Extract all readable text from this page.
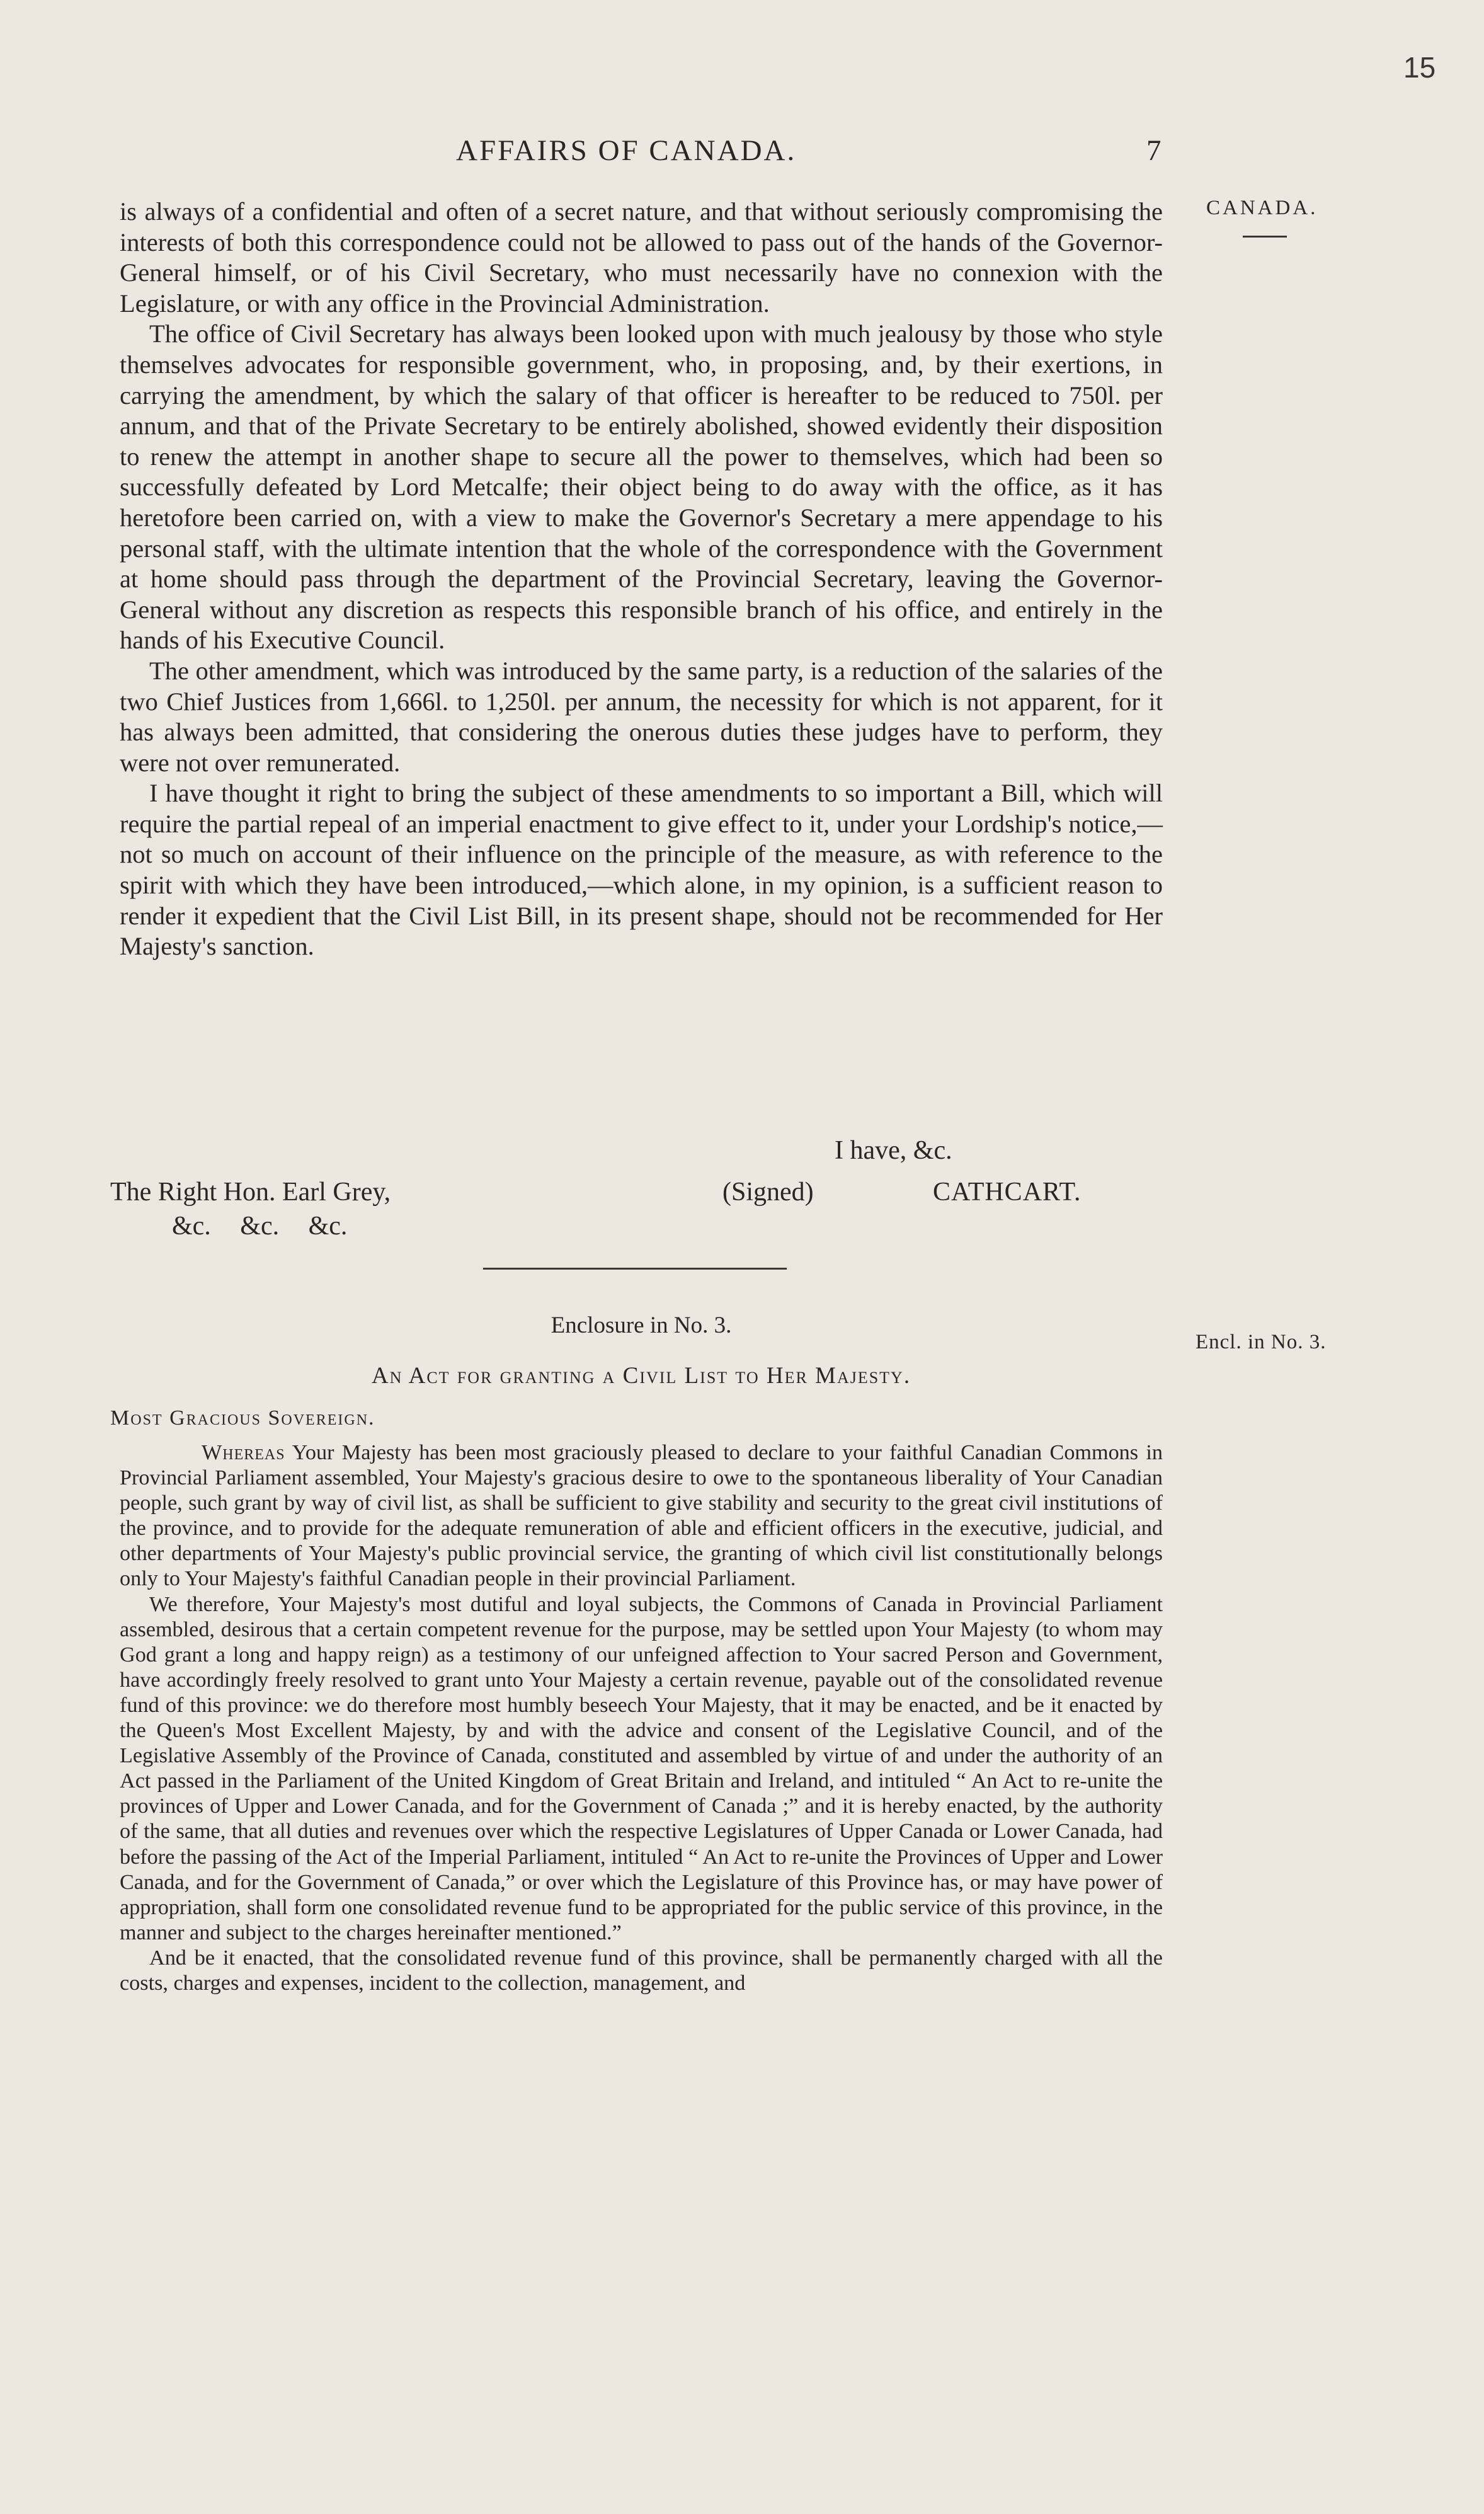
15
AFFAIRS OF CANADA.	7
CANADA.

is always of a confidential and often of a secret nature, and that without seriously compromising the interests of both this correspondence could not be allowed to pass out of the hands of the Governor-General himself, or of his Civil Secretary, who must necessarily have no connexion with the Legislature, or with any office in the Provincial Administration.

The office of Civil Secretary has always been looked upon with much jealousy by those who style themselves advocates for responsible government, who, in proposing, and, by their exertions, in carrying the amendment, by which the salary of that officer is hereafter to be reduced to 750l. per annum, and that of the Private Secretary to be entirely abolished, showed evidently their disposition to renew the attempt in another shape to secure all the power to themselves, which had been so successfully defeated by Lord Metcalfe; their object being to do away with the office, as it has heretofore been carried on, with a view to make the Governor's Secretary a mere appendage to his personal staff, with the ultimate intention that the whole of the correspondence with the Government at home should pass through the department of the Provincial Secretary, leaving the Governor-General without any discretion as respects this responsible branch of his office, and entirely in the hands of his Executive Council.

The other amendment, which was introduced by the same party, is a reduction of the salaries of the two Chief Justices from 1,666l. to 1,250l. per annum, the necessity for which is not apparent, for it has always been admitted, that considering the onerous duties these judges have to perform, they were not over remunerated.

I have thought it right to bring the subject of these amendments to so important a Bill, which will require the partial repeal of an imperial enactment to give effect to it, under your Lordship's notice,—not so much on account of their influence on the principle of the measure, as with reference to the spirit with which they have been introduced,—which alone, in my opinion, is a sufficient reason to render it expedient that the Civil List Bill, in its present shape, should not be recommended for Her Majesty's sanction.

I have, &c.
The Right Hon. Earl Grey,	(Signed)	CATHCART.
&c. &c. &c.
Enclosure in No. 3.
Encl. in No. 3.
An Act for granting a Civil List to Her Majesty.
Most Gracious Sovereign.

Whereas Your Majesty has been most graciously pleased to declare to your faithful Canadian Commons in Provincial Parliament assembled, Your Majesty's gracious desire to owe to the spontaneous liberality of Your Canadian people, such grant by way of civil list, as shall be sufficient to give stability and security to the great civil institutions of the province, and to provide for the adequate remuneration of able and efficient officers in the executive, judicial, and other departments of Your Majesty's public provincial service, the granting of which civil list constitutionally belongs only to Your Majesty's faithful Canadian people in their provincial Parliament.

We therefore, Your Majesty's most dutiful and loyal subjects, the Commons of Canada in Provincial Parliament assembled, desirous that a certain competent revenue for the purpose, may be settled upon Your Majesty (to whom may God grant a long and happy reign) as a testimony of our unfeigned affection to Your sacred Person and Government, have accordingly freely resolved to grant unto Your Majesty a certain revenue, payable out of the consolidated revenue fund of this province: we do therefore most humbly beseech Your Majesty, that it may be enacted, and be it enacted by the Queen's Most Excellent Majesty, by and with the advice and consent of the Legislative Council, and of the Legislative Assembly of the Province of Canada, constituted and assembled by virtue of and under the authority of an Act passed in the Parliament of the United Kingdom of Great Britain and Ireland, and intituled “ An Act to re-unite the provinces of Upper and Lower Canada, and for the Government of Canada ;” and it is hereby enacted, by the authority of the same, that all duties and revenues over which the respective Legislatures of Upper Canada or Lower Canada, had before the passing of the Act of the Imperial Parliament, intituled “ An Act to re-unite the Provinces of Upper and Lower Canada, and for the Government of Canada,” or over which the Legislature of this Province has, or may have power of appropriation, shall form one consolidated revenue fund to be appropriated for the public service of this province, in the manner and subject to the charges hereinafter mentioned.”

And be it enacted, that the consolidated revenue fund of this province, shall be permanently charged with all the costs, charges and expenses, incident to the collection, management, and
